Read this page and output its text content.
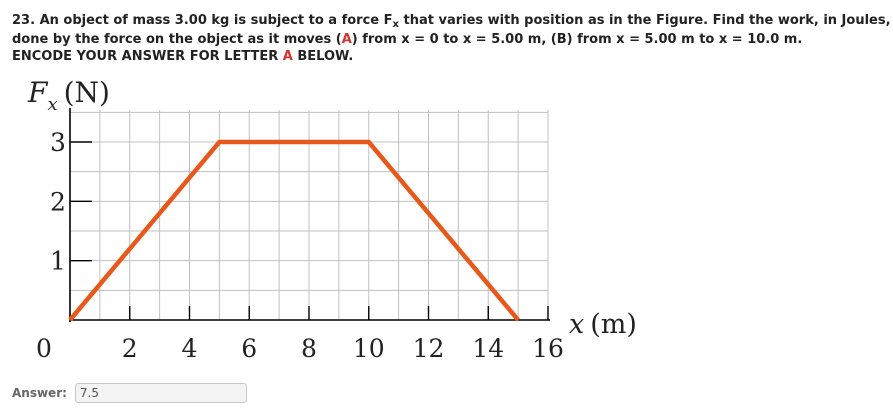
23. An object of mass 3.00 kg is subject to a force $F_x$ that varies with position as in the Figure. Find the work, in Joules,
done by the force on the object as it moves (A) from x = 0 to x = 5.00 m, (B) from x = 5.00 m to x = 10.0 m.
ENCODE YOUR ANSWER FOR LETTER A BELOW.
1
2
3
0	2 4 6 8 10 12 14 16
$F_x$ (N)
x (m)
Answer:
7.5
